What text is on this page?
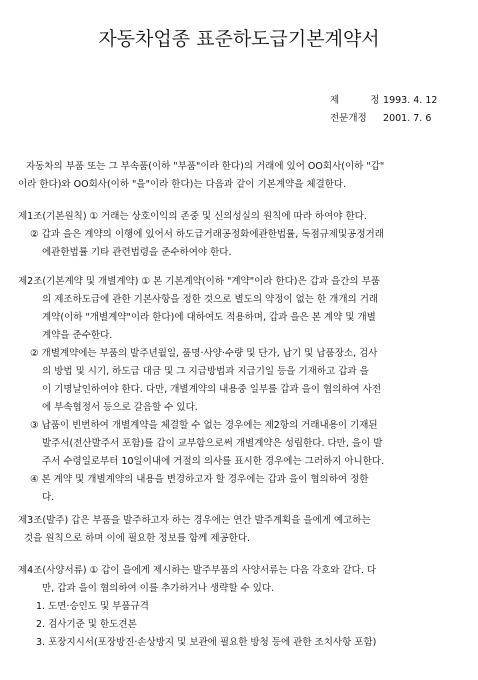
자동차업종 표준하도급기본계약서
제 정 1993. 4. 12
전문개정 2001. 7. 6
자동차의 부품 또는 그 부속품(이하 "부품"이라 한다)의 거래에 있어 OO회사(이하 "갑"
이라 한다)와 OO회사(이하 "을"이라 한다)는 다음과 같이 기본계약을 체결한다.
제1조(기본원칙) ① 거래는 상호이익의 존중 및 신의성실의 원칙에 따라 하여야 한다.
② 갑과 을은 계약의 이행에 있어서 하도급거래공정화에관한법률, 독점규제및공정거래
에관한법률 기타 관련법령을 준수하여야 한다.
제2조(기본계약 및 개별계약) ① 본 기본계약(이하 "계약"이라 한다)은 갑과 을간의 부품
의 제조하도급에 관한 기본사항을 정한 것으로 별도의 약정이 없는 한 개개의 거래
계약(이하 "개별계약"이라 한다)에 대하여도 적용하며, 갑과 을은 본 계약 및 개별
계약을 준수한다.
② 개별계약에는 부품의 발주년월일, 품명·사양·수량 및 단가, 납기 및 납품장소, 검사
의 방법 및 시기, 하도급 대금 및 그 지급방법과 지급기일 등을 기재하고 갑과 을
이 기명날인하여야 한다. 다만, 개별계약의 내용중 일부를 갑과 을이 협의하여 사전
에 부속협정서 등으로 갈음할 수 있다.
③ 납품이 빈번하여 개별계약을 체결할 수 없는 경우에는 제2항의 거래내용이 기재된
발주서(전산발주서 포함)를 갑이 교부함으로써 개별계약은 성립한다. 다만, 을이 발
주서 수령일로부터 10일이내에 거절의 의사를 표시한 경우에는 그러하지 아니한다.
④ 본 계약 및 개별계약의 내용을 변경하고자 할 경우에는 갑과 을이 협의하여 정한
다.
제3조(발주) 갑은 부품을 발주하고자 하는 경우에는 연간 발주계획을 을에게 예고하는
것을 원칙으로 하며 이에 필요한 정보를 함께 제공한다.
제4조(사양서류) ① 갑이 을에게 제시하는 발주부품의 사양서류는 다음 각호와 같다. 다
만, 갑과 을이 협의하여 이를 추가하거나 생략할 수 있다.
1. 도면·승인도 및 부품규격
2. 검사기준 및 한도견본
3. 포장지시서(포장방진·손상방지 및 보관에 필요한 방청 등에 관한 조치사항 포함)
